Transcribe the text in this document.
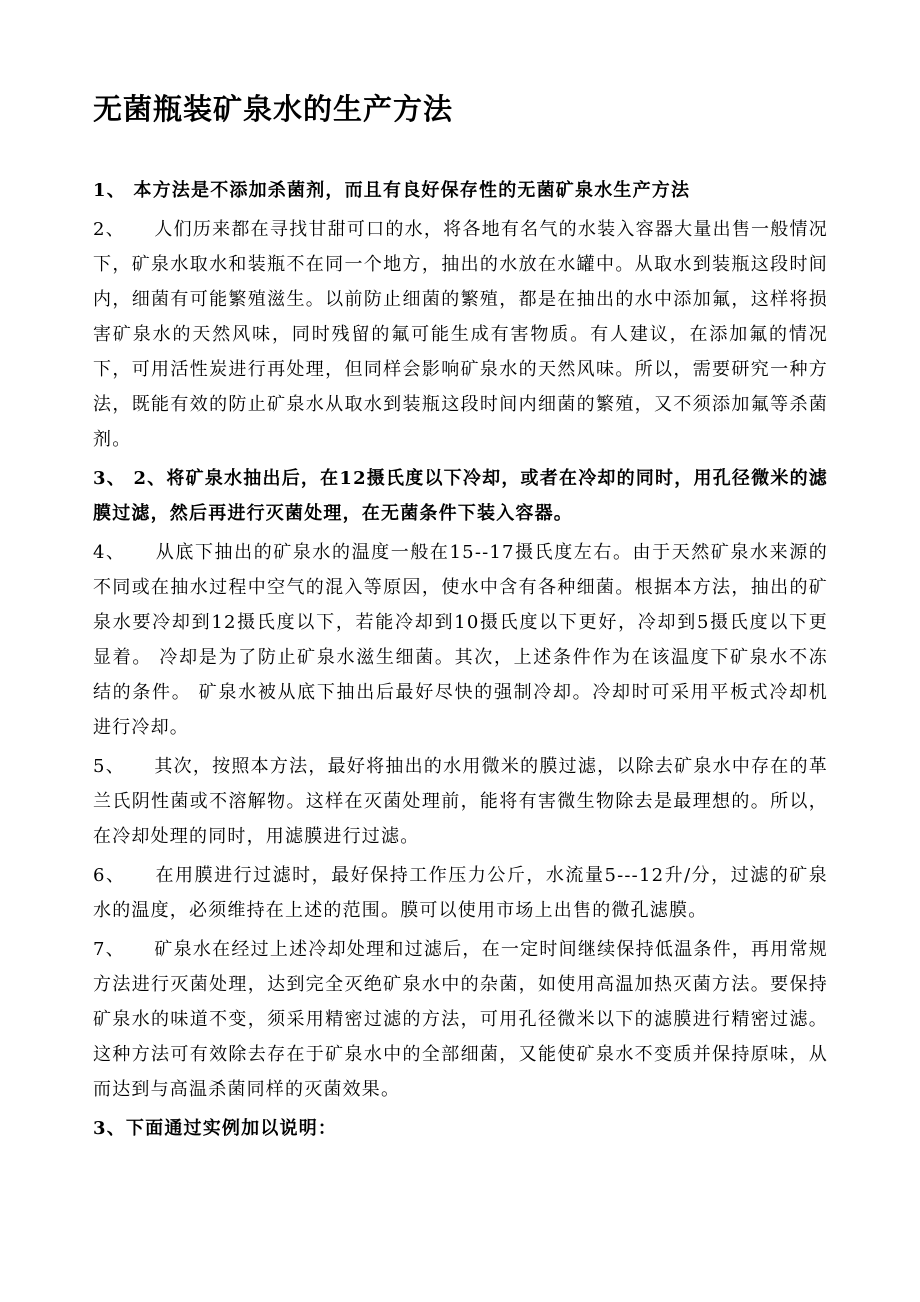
无菌瓶装矿泉水的生产方法

1、 本方法是不添加杀菌剂，而且有良好保存性的无菌矿泉水生产方法

2、　　人们历来都在寻找甘甜可口的水，将各地有名气的水装入容器大量出售一般情况下，矿泉水取水和装瓶不在同一个地方，抽出的水放在水罐中。从取水到装瓶这段时间内，细菌有可能繁殖滋生。以前防止细菌的繁殖，都是在抽出的水中添加氟，这样将损害矿泉水的天然风味，同时残留的氟可能生成有害物质。有人建议，在添加氟的情况下，可用活性炭进行再处理，但同样会影响矿泉水的天然风味。所以，需要研究一种方法，既能有效的防止矿泉水从取水到装瓶这段时间内细菌的繁殖，又不须添加氟等杀菌剂。

3、 2、将矿泉水抽出后，在12摄氏度以下冷却，或者在冷却的同时，用孔径微米的滤膜过滤，然后再进行灭菌处理，在无菌条件下装入容器。

4、　　从底下抽出的矿泉水的温度一般在15--17摄氏度左右。由于天然矿泉水来源的不同或在抽水过程中空气的混入等原因，使水中含有各种细菌。根据本方法，抽出的矿泉水要冷却到12摄氏度以下，若能冷却到10摄氏度以下更好，冷却到5摄氏度以下更显着。 冷却是为了防止矿泉水滋生细菌。其次，上述条件作为在该温度下矿泉水不冻结的条件。 矿泉水被从底下抽出后最好尽快的强制冷却。冷却时可采用平板式冷却机进行冷却。

5、　　其次，按照本方法，最好将抽出的水用微米的膜过滤，以除去矿泉水中存在的革兰氏阴性菌或不溶解物。这样在灭菌处理前，能将有害微生物除去是最理想的。所以，在冷却处理的同时，用滤膜进行过滤。

6、　　在用膜进行过滤时，最好保持工作压力公斤，水流量5---12升/分，过滤的矿泉水的温度，必须维持在上述的范围。膜可以使用市场上出售的微孔滤膜。

7、　　矿泉水在经过上述冷却处理和过滤后，在一定时间继续保持低温条件，再用常规方法进行灭菌处理，达到完全灭绝矿泉水中的杂菌，如使用高温加热灭菌方法。要保持矿泉水的味道不变，须采用精密过滤的方法，可用孔径微米以下的滤膜进行精密过滤。这种方法可有效除去存在于矿泉水中的全部细菌，又能使矿泉水不变质并保持原味，从而达到与高温杀菌同样的灭菌效果。

3、下面通过实例加以说明：
